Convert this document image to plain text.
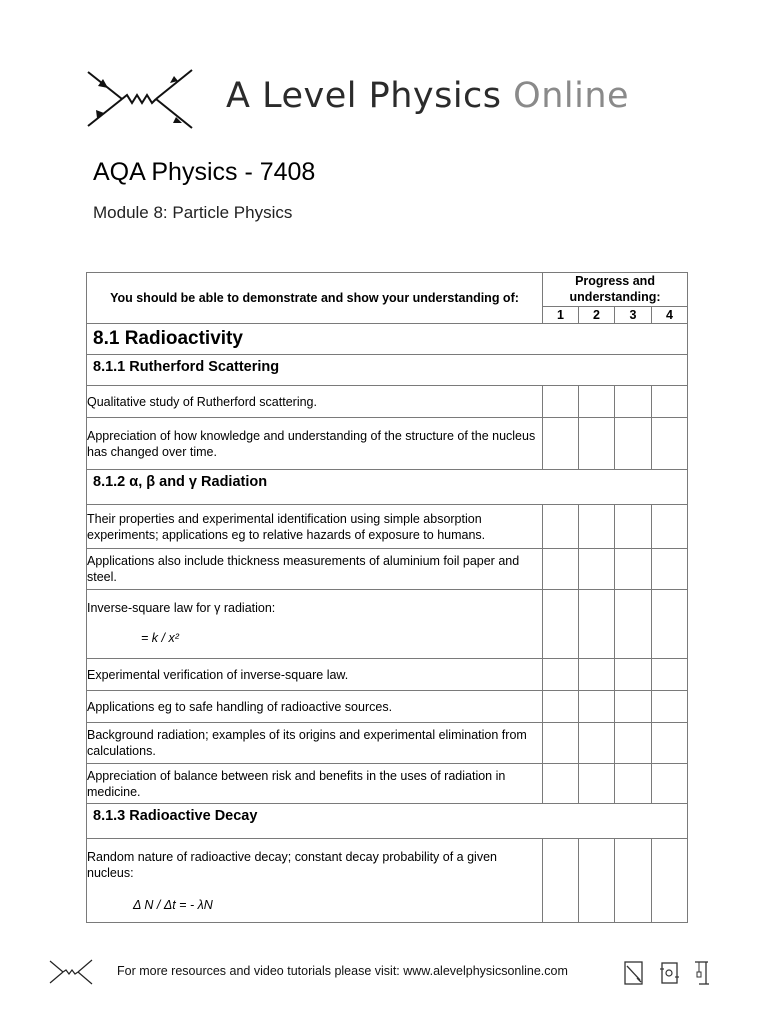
A Level Physics Online
AQA Physics - 7408
Module 8: Particle Physics
You should be able to demonstrate and show your understanding of:	Progress and understanding:			
	1	2	3	4
8.1 Radioactivity				
8.1.1 Rutherford Scattering				
Qualitative study of Rutherford scattering.				
Appreciation of how knowledge and understanding of the structure of the nucleus has changed over time.				
8.1.2 α, β and γ Radiation				
Their properties and experimental identification using simple absorption experiments; applications eg to relative hazards of exposure to humans.				
Applications also include thickness measurements of aluminium foil paper and steel.				

Inverse-square law for γ radiation:
= k / x²				

Experimental verification of inverse-square law.				
Applications eg to safe handling of radioactive sources.				
Background radiation; examples of its origins and experimental elimination from calculations.				
Appreciation of balance between risk and benefits in the uses of radiation in medicine.				
8.1.3 Radioactive Decay				

Random nature of radioactive decay; constant decay probability of a given nucleus:
Δ N / Δt = - λN				

For more resources and video tutorials please visit: www.alevelphysicsonline.com
